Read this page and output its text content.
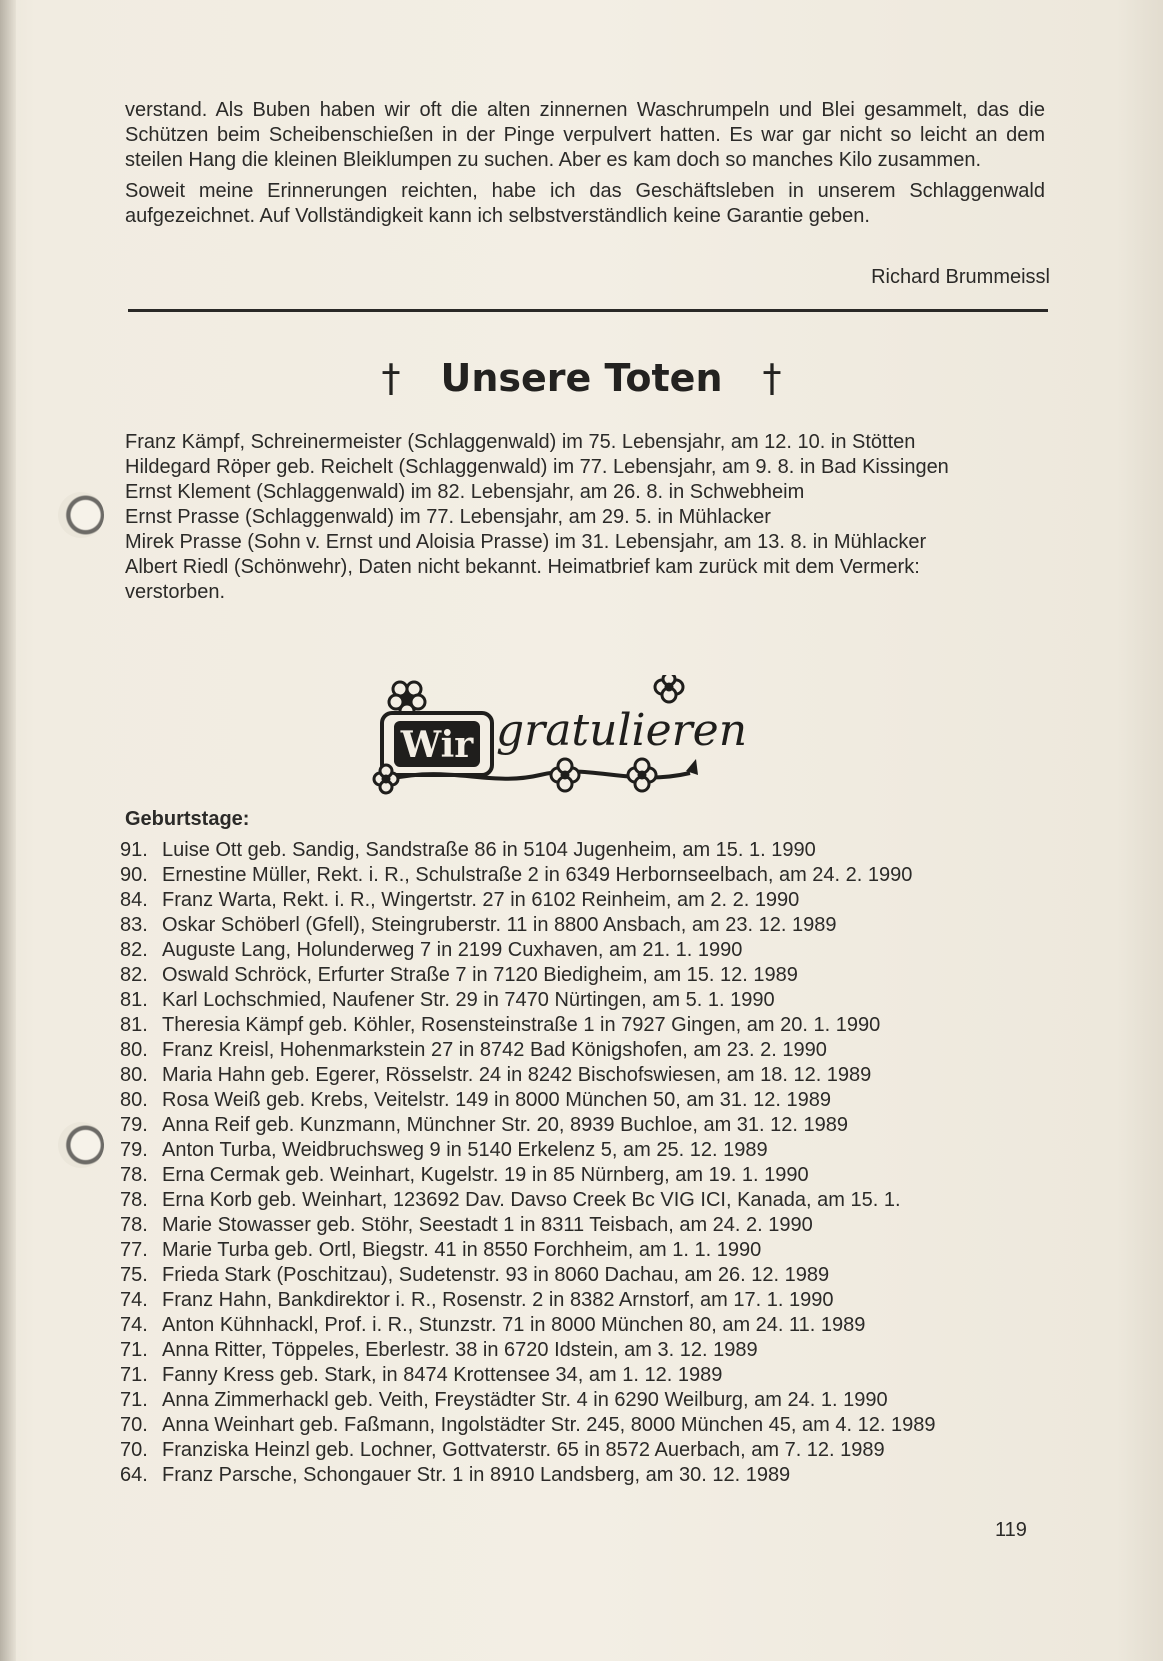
verstand. Als Buben haben wir oft die alten zinnernen Waschrumpeln und Blei gesammelt, das die Schützen beim Scheibenschießen in der Pinge verpulvert hatten. Es war gar nicht so leicht an dem steilen Hang die kleinen Bleiklumpen zu suchen. Aber es kam doch so manches Kilo zusammen.

Soweit meine Erinnerungen reichten, habe ich das Geschäftsleben in unserem Schlaggenwald aufgezeichnet. Auf Vollständigkeit kann ich selbstverständlich keine Garantie geben.

Richard Brummeissl
† Unsere Toten †
Franz Kämpf, Schreinermeister (Schlaggenwald) im 75. Lebensjahr, am 12. 10. in Stötten
Hildegard Röper geb. Reichelt (Schlaggenwald) im 77. Lebensjahr, am 9. 8. in Bad Kissingen
Ernst Klement (Schlaggenwald) im 82. Lebensjahr, am 26. 8. in Schwebheim
Ernst Prasse (Schlaggenwald) im 77. Lebensjahr, am 29. 5. in Mühlacker
Mirek Prasse (Sohn v. Ernst und Aloisia Prasse) im 31. Lebensjahr, am 13. 8. in Mühlacker
Albert Riedl (Schönwehr), Daten nicht bekannt. Heimatbrief kam zurück mit dem Vermerk:
verstorben.
Wir gratulieren
Geburtstage:
91. Luise Ott geb. Sandig, Sandstraße 86 in 5104 Jugenheim, am 15. 1. 1990
90. Ernestine Müller, Rekt. i. R., Schulstraße 2 in 6349 Herbornseelbach, am 24. 2. 1990
84. Franz Warta, Rekt. i. R., Wingertstr. 27 in 6102 Reinheim, am 2. 2. 1990
83. Oskar Schöberl (Gfell), Steingruberstr. 11 in 8800 Ansbach, am 23. 12. 1989
82. Auguste Lang, Holunderweg 7 in 2199 Cuxhaven, am 21. 1. 1990
82. Oswald Schröck, Erfurter Straße 7 in 7120 Biedigheim, am 15. 12. 1989
81. Karl Lochschmied, Naufener Str. 29 in 7470 Nürtingen, am 5. 1. 1990
81. Theresia Kämpf geb. Köhler, Rosensteinstraße 1 in 7927 Gingen, am 20. 1. 1990
80. Franz Kreisl, Hohenmarkstein 27 in 8742 Bad Königshofen, am 23. 2. 1990
80. Maria Hahn geb. Egerer, Rösselstr. 24 in 8242 Bischofswiesen, am 18. 12. 1989
80. Rosa Weiß geb. Krebs, Veitelstr. 149 in 8000 München 50, am 31. 12. 1989
79. Anna Reif geb. Kunzmann, Münchner Str. 20, 8939 Buchloe, am 31. 12. 1989
79. Anton Turba, Weidbruchsweg 9 in 5140 Erkelenz 5, am 25. 12. 1989
78. Erna Cermak geb. Weinhart, Kugelstr. 19 in 85 Nürnberg, am 19. 1. 1990
78. Erna Korb geb. Weinhart, 123692 Dav. Davso Creek Bc VIG ICI, Kanada, am 15. 1.
78. Marie Stowasser geb. Stöhr, Seestadt 1 in 8311 Teisbach, am 24. 2. 1990
77. Marie Turba geb. Ortl, Biegstr. 41 in 8550 Forchheim, am 1. 1. 1990
75. Frieda Stark (Poschitzau), Sudetenstr. 93 in 8060 Dachau, am 26. 12. 1989
74. Franz Hahn, Bankdirektor i. R., Rosenstr. 2 in 8382 Arnstorf, am 17. 1. 1990
74. Anton Kühnhackl, Prof. i. R., Stunzstr. 71 in 8000 München 80, am 24. 11. 1989
71. Anna Ritter, Töppeles, Eberlestr. 38 in 6720 Idstein, am 3. 12. 1989
71. Fanny Kress geb. Stark, in 8474 Krottensee 34, am 1. 12. 1989
71. Anna Zimmerhackl geb. Veith, Freystädter Str. 4 in 6290 Weilburg, am 24. 1. 1990
70. Anna Weinhart geb. Faßmann, Ingolstädter Str. 245, 8000 München 45, am 4. 12. 1989
70. Franziska Heinzl geb. Lochner, Gottvaterstr. 65 in 8572 Auerbach, am 7. 12. 1989
64. Franz Parsche, Schongauer Str. 1 in 8910 Landsberg, am 30. 12. 1989
119
